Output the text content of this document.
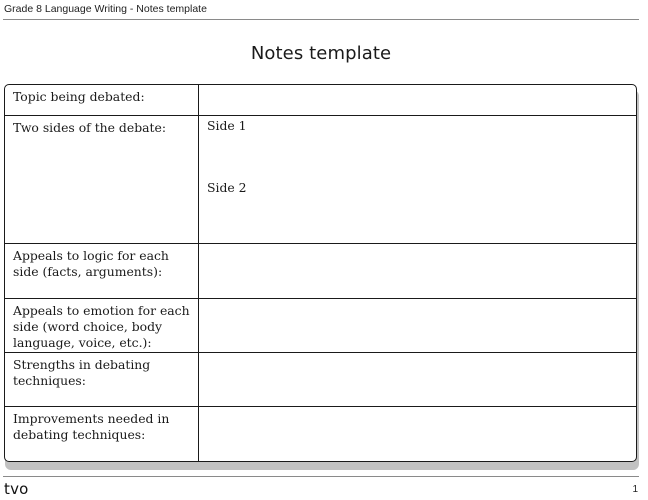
Grade 8 Language Writing - Notes template
Notes template
Topic being debated:
Two sides of the debate:	Side 1
Side 2
Appeals to logic for each side (facts, arguments):
Appeals to emotion for each side (word choice, body language, voice, etc.):
Strengths in debating techniques:
Improvements needed in debating techniques:
tvo	1
